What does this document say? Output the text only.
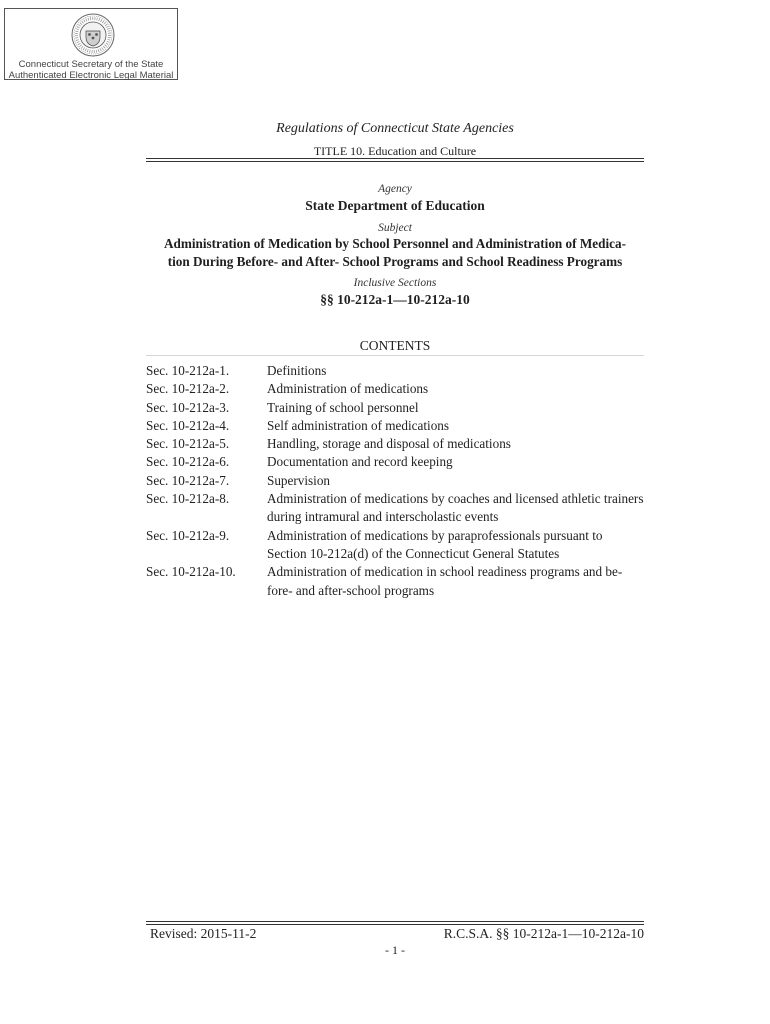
Connecticut Secretary of the State
Authenticated Electronic Legal Material
Regulations of Connecticut State Agencies
TITLE 10. Education and Culture
Agency
State Department of Education
Subject
Administration of Medication by School Personnel and Administration of Medica-
tion During Before- and After- School Programs and School Readiness Programs
Inclusive Sections
§§ 10-212a-1—10-212a-10
CONTENTS
Sec. 10-212a-1.	Definitions
Sec. 10-212a-2.	Administration of medications
Sec. 10-212a-3.	Training of school personnel
Sec. 10-212a-4.	Self administration of medications
Sec. 10-212a-5.	Handling, storage and disposal of medications
Sec. 10-212a-6.	Documentation and record keeping
Sec. 10-212a-7.	Supervision
Sec. 10-212a-8.	Administration of medications by coaches and licensed athletic trainers during intramural and interscholastic events
Sec. 10-212a-9.	Administration of medications by paraprofessionals pursuant to Section 10-212a(d) of the Connecticut General Statutes
Sec. 10-212a-10.	Administration of medication in school readiness programs and be-fore- and after-school programs
Revised: 2015-11-2	R.C.S.A. §§ 10-212a-1—10-212a-10
- 1 -
